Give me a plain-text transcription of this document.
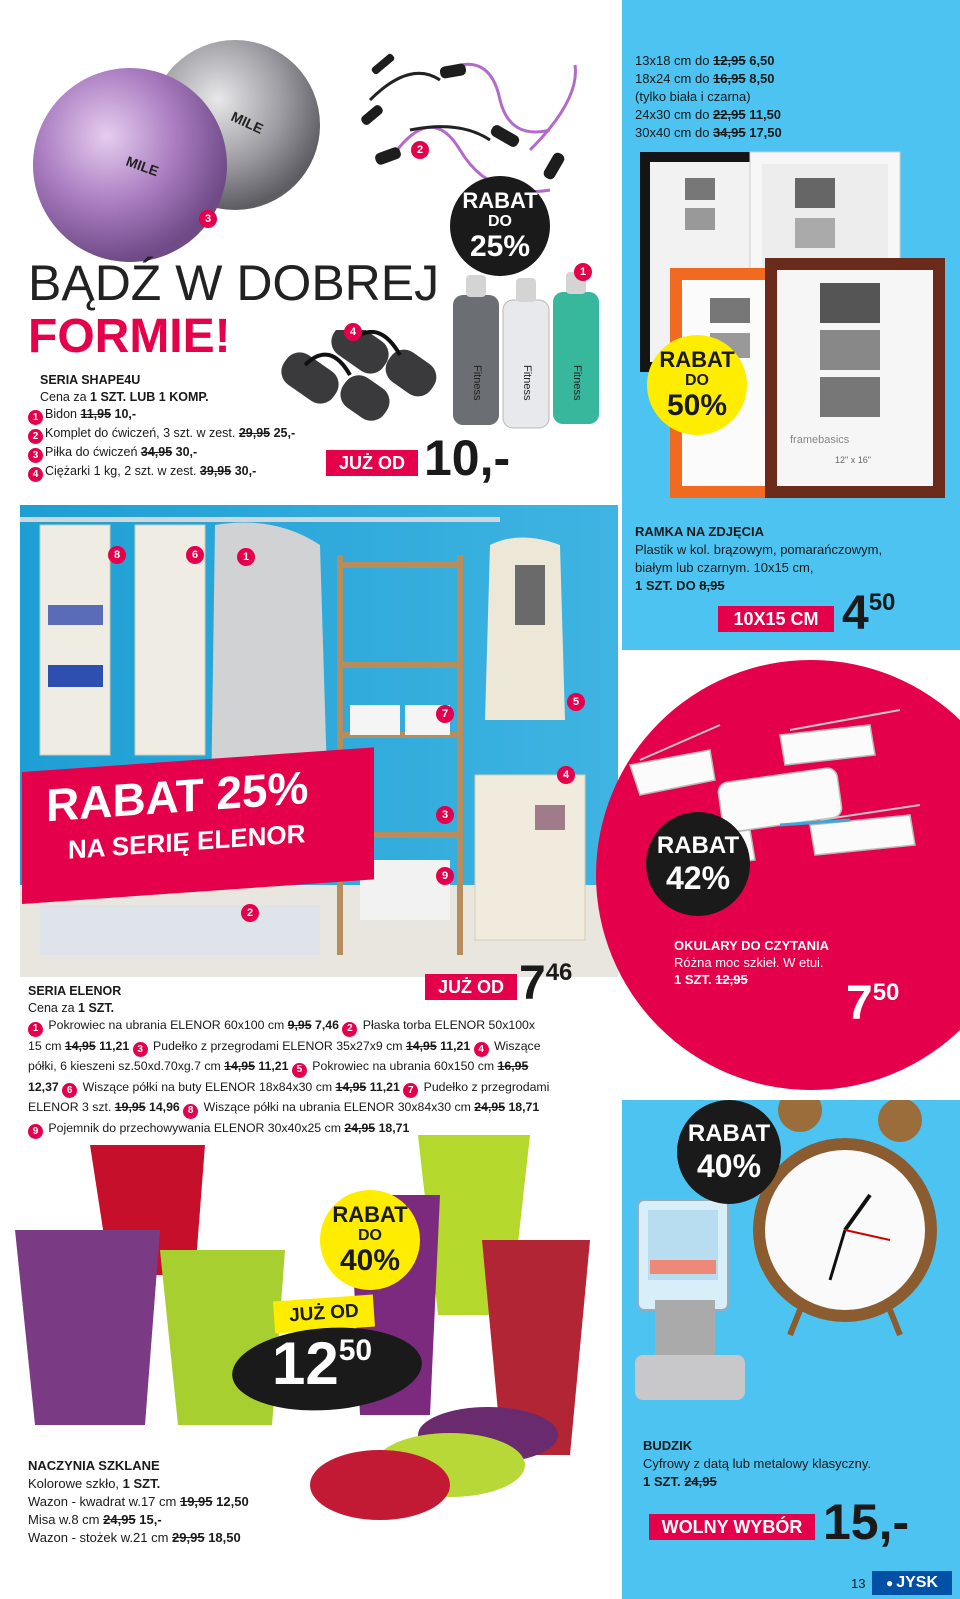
MILE
MILE
3
2
RABAT
DO
25%
Fitness	Fitness	Fitness
1
4
BĄDŹ W DOBREJ
FORMIE!
SERIA SHAPE4U
Cena za 1 SZT. LUB 1 KOMP.
1 Bidon 11,95 10,-
2 Komplet do ćwiczeń, 3 szt. w zest. 29,95 25,-
3 Piłka do ćwiczeń 34,95 30,-
4 Ciężarki 1 kg, 2 szt. w zest. 39,95 30,-	JUŻ OD 10,-
13x18 cm do 12,95 6,50
18x24 cm do 16,95 8,50
(tylko biała i czarna)
24x30 cm do 22,95 11,50
30x40 cm do 34,95 17,50
framebasics
12" x 16"
RABAT
DO
50%
RAMKA NA ZDJĘCIA
Plastik w kol. brązowym, pomarańczowym,
białym lub czarnym. 10x15 cm,
1 SZT. DO 8,95
10X15 CM $4^{50}$
8	6	1
7
5
4
3
9
2
RABAT 25%
NA SERIĘ ELENOR
SERIA ELENOR
Cena za 1 SZT.
JUŻ OD $7^{46}$
1 Pokrowiec na ubrania ELENOR 60x100 cm 9,95 7,46 2 Płaska torba ELENOR 50x100x
15 cm 14,95 11,21 3 Pudełko z przegrodami ELENOR 35x27x9 cm 14,95 11,21 4 Wiszące
półki, 6 kieszeni sz.50xd.70xg.7 cm 14,95 11,21 5 Pokrowiec na ubrania 60x150 cm 16,95
12,37 6 Wiszące półki na buty ELENOR 18x84x30 cm 14,95 11,21 7 Pudełko z przegrodami
ELENOR 3 szt. 19,95 14,96 8 Wiszące półki na ubrania ELENOR 30x84x30 cm 24,95 18,71
9 Pojemnik do przechowywania ELENOR 30x40x25 cm 24,95 18,71
RABAT
42%
OKULARY DO CZYTANIA
Różna moc szkieł. W etui.
1 SZT. 12,95	$7^{50}$
RABAT
DO
40%
JUŻ OD
$12^{50}$
NACZYNIA SZKLANE
Kolorowe szkło, 1 SZT.
Wazon - kwadrat w.17 cm 19,95 12,50
Misa w.8 cm 24,95 15,-
Wazon - stożek w.21 cm 29,95 18,50
RABAT
40%
BUDZIK
Cyfrowy z datą lub metalowy klasyczny.
1 SZT. 24,95
WOLNY WYBÓR 15,-
13 ● JYSK
